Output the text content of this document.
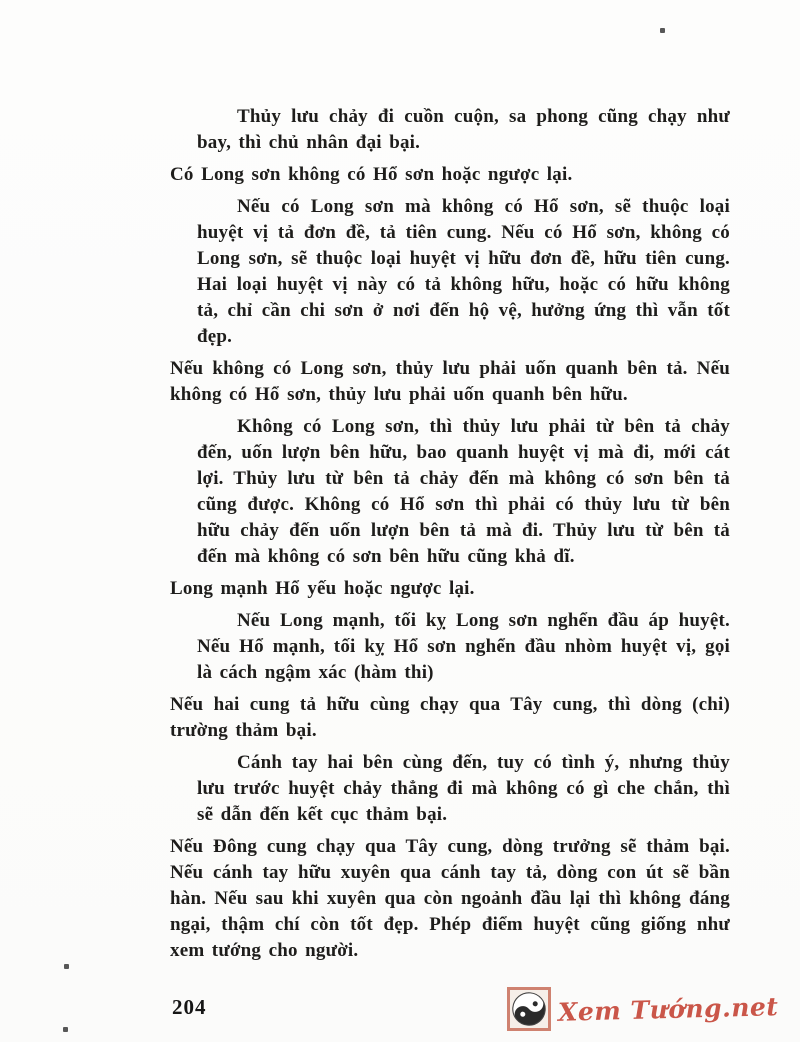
Thủy lưu chảy đi cuồn cuộn, sa phong cũng chạy như
bay, thì chủ nhân đại bại.
Có Long sơn không có Hổ sơn hoặc ngược lại.
Nếu có Long sơn mà không có Hổ sơn, sẽ thuộc loại
huyệt vị tả đơn đề, tả tiên cung. Nếu có Hổ sơn, không có
Long sơn, sẽ thuộc loại huyệt vị hữu đơn đề, hữu tiên cung.
Hai loại huyệt vị này có tả không hữu, hoặc có hữu không
tả, chỉ cần chi sơn ở nơi đến hộ vệ, hưởng ứng thì vẫn tốt
đẹp.
Nếu không có Long sơn, thủy lưu phải uốn quanh bên tả. Nếu
không có Hổ sơn, thủy lưu phải uốn quanh bên hữu.
Không có Long sơn, thì thủy lưu phải từ bên tả chảy
đến, uốn lượn bên hữu, bao quanh huyệt vị mà đi, mới cát
lợi. Thủy lưu từ bên tả chảy đến mà không có sơn bên tả
cũng được. Không có Hổ sơn thì phải có thủy lưu từ bên
hữu chảy đến uốn lượn bên tả mà đi. Thủy lưu từ bên tả
đến mà không có sơn bên hữu cũng khả dĩ.
Long mạnh Hổ yếu hoặc ngược lại.
Nếu Long mạnh, tối kỵ Long sơn nghển đầu áp huyệt.
Nếu Hổ mạnh, tối kỵ Hổ sơn nghển đầu nhòm huyệt vị, gọi
là cách ngậm xác (hàm thi)
Nếu hai cung tả hữu cùng chạy qua Tây cung, thì dòng (chi)
trường thảm bại.
Cánh tay hai bên cùng đến, tuy có tình ý, nhưng thủy
lưu trước huyệt chảy thẳng đi mà không có gì che chắn, thì
sẽ dẫn đến kết cục thảm bại.
Nếu Đông cung chạy qua Tây cung, dòng trưởng sẽ thảm bại.
Nếu cánh tay hữu xuyên qua cánh tay tả, dòng con út sẽ bần
hàn. Nếu sau khi xuyên qua còn ngoảnh đầu lại thì không đáng
ngại, thậm chí còn tốt đẹp. Phép điểm huyệt cũng giống như
xem tướng cho người.
204	Xem Tướng.net
